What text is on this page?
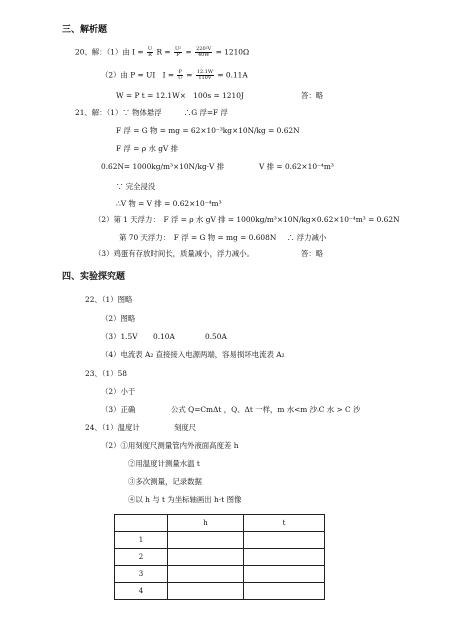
三、解析题
20、解：（1）由 $I = \frac{U}{R}$ $R = \frac{\text{U²}}{P} = \frac{\text{220²V}}{40W} = 1210\Omega$
（2）由 P = UI　$I = \frac{P}{U} = \frac{12.1W}{110V} = 0.11A$
W = P t = 12.1W×　100s = 1210J	答：略
21、解：（1）∵ 物体悬浮　　　∴G 浮=F 浮
F 浮 = G 物 = mg = 62×10⁻³kg×10N/kg = 0.62N
F 浮 = ρ 水 gV 排
0.62N= 1000kg/m³×10N/kg·V 排	V 排 = 0.62×10⁻⁴m³
∵ 完全浸没
∴V 物 = V 排 = 0.62×10⁻⁴m³
（2）第 1 天浮力：　F 浮 = ρ 水 gV 排 = 1000kg/m³×10N/kg×0.62×10⁻⁴m³ = 0.62N
第 70 天浮力：　F 浮 = G 物 = mg = 0.608N ∴ 浮力减小
（3）鸡蛋有存放时间长，质量减小，浮力减小。	答：略
四、实验探究题
22、（1）图略
（2）图略
（3）1.5V 0.10A	0.50A
（4）电流表 A₂ 直接接入电源两端，容易损坏电流表 A₂
23、（1）58
（2）小于
（3）正确	公式 Q=CmΔt ，Q、Δt 一样，m 水<m 沙
∴C 水 > C 沙
24、（1）温度计	刻度尺
（2）①用刻度尺测量管内外液面高度差 h
②用温度计测量水温 t
③多次测量，记录数据
④以 h 与 t 为坐标轴画出 h-t 图像
	h	t
1		
2		
3		
4		
